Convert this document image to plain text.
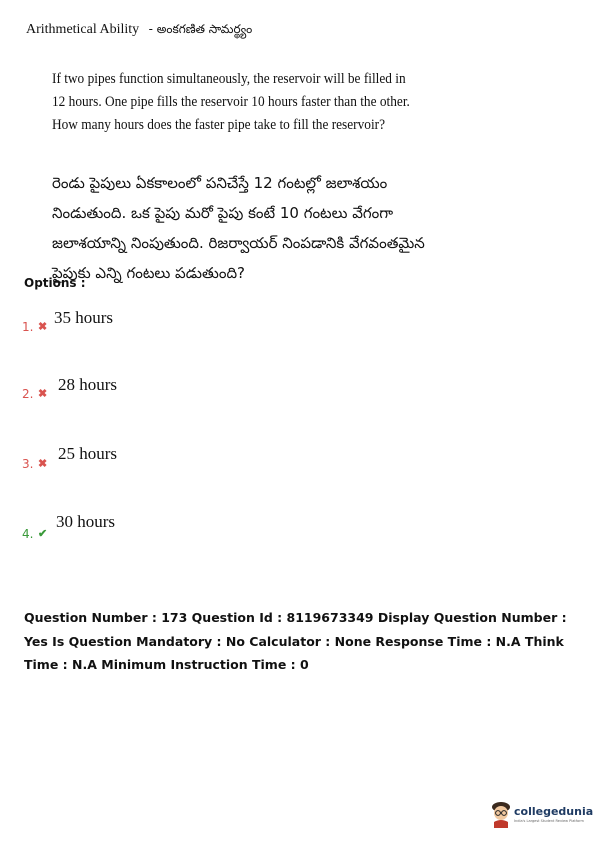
Arithmetical Ability - అంకగణిత సామర్థ్యం
If two pipes function simultaneously, the reservoir will be filled in 12 hours. One pipe fills the reservoir 10 hours faster than the other. How many hours does the faster pipe take to fill the reservoir?
రెండు పైపులు ఏకకాలంలో పనిచేస్తే 12 గంటల్లో జలాశయం నిండుతుంది. ఒక పైపు మరో పైపు కంటే 10 గంటలు వేగంగా జలాశయాన్ని నింపుతుంది. రిజర్వాయర్ నింపడానికి వేగవంతమైన పైపుకు ఎన్ని గంటలు పడుతుంది?
Options :
1. ✖ 35 hours
2. ✖ 28 hours
3. ✖
25 hours
4. ✔
30 hours
Question Number : 173 Question Id : 8119673349 Display Question Number : Yes Is Question Mandatory : No Calculator : None Response Time : N.A Think Time : N.A Minimum Instruction Time : 0
collegedunia
India's Largest Student Review Platform
